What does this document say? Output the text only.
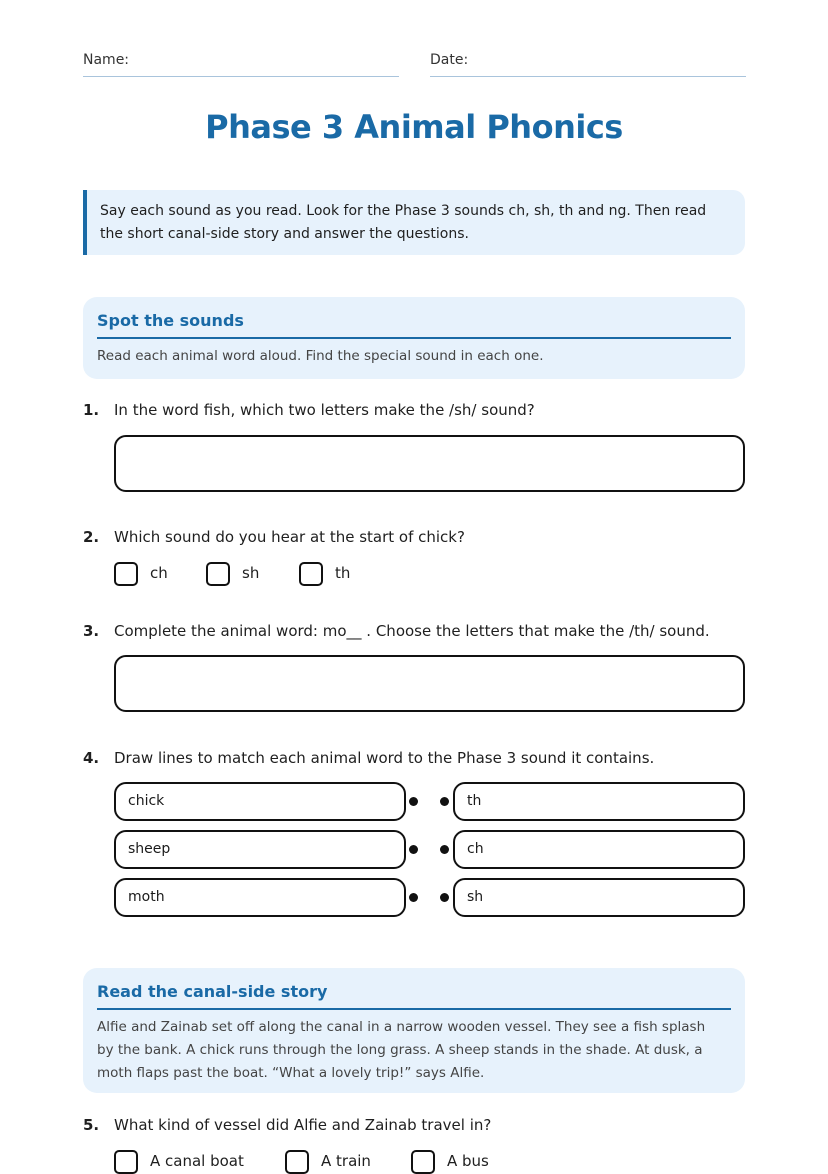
Name:	Date:
Phase 3 Animal Phonics
Say each sound as you read. Look for the Phase 3 sounds ch, sh, th and ng. Then read
the short canal-side story and answer the questions.
Spot the sounds
Read each animal word aloud. Find the special sound in each one.
1. In the word fish, which two letters make the /sh/ sound?
2. Which sound do you hear at the start of chick?
ch	sh	th
3. Complete the animal word: mo__ . Choose the letters that make the /th/ sound.
4. Draw lines to match each animal word to the Phase 3 sound it contains.
chick	th
sheep	ch
moth	sh
Read the canal-side story
Alfie and Zainab set off along the canal in a narrow wooden vessel. They see a fish splash
by the bank. A chick runs through the long grass. A sheep stands in the shade. At dusk, a
moth flaps past the boat. “What a lovely trip!” says Alfie.
5. What kind of vessel did Alfie and Zainab travel in?
A canal boat	A train	A bus
